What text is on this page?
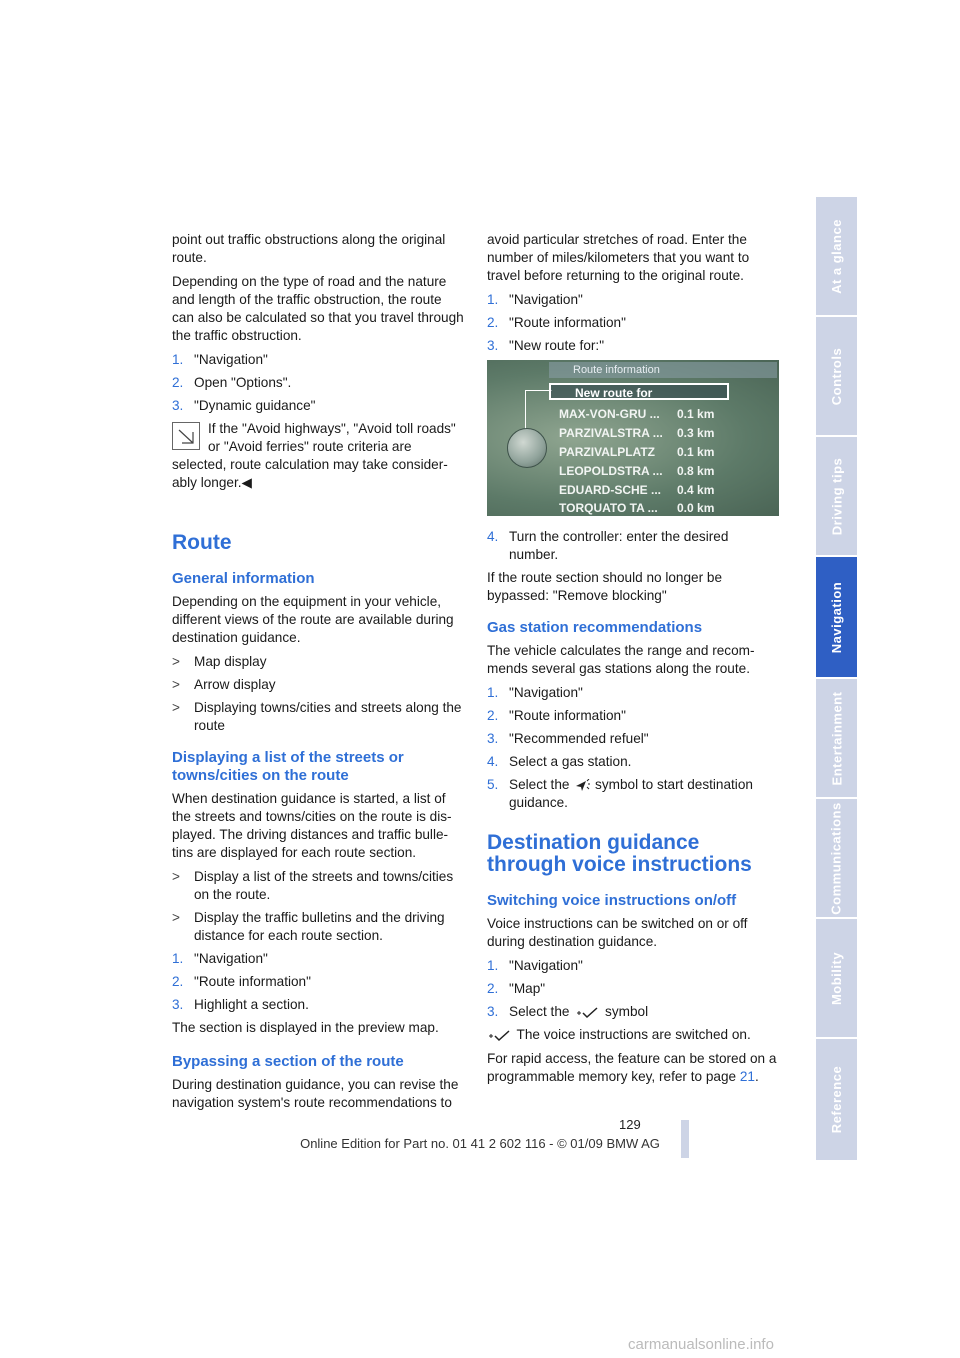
point out traffic obstructions along the original route.

Depending on the type of road and the nature and length of the traffic obstruction, the route can also be calculated so that you travel through the traffic obstruction.

1. "Navigation"
2. Open "Options".
3. "Dynamic guidance"

If the "Avoid highways", "Avoid toll roads" or "Avoid ferries" route criteria are selected, route calculation may take consider-ably longer.◀

Route
General information

Depending on the equipment in your vehicle, different views of the route are available during destination guidance.

>	Map display
>	Arrow display
>	Displaying towns/cities and streets along the route
Displaying a list of the streets or towns/cities on the route

When destination guidance is started, a list of the streets and towns/cities on the route is dis-played. The driving distances and traffic bulle-tins are displayed for each route section.

>	Display a list of the streets and towns/cities on the route.
>	Display the traffic bulletins and the driving distance for each route section.
1. "Navigation"
2. "Route information"
3. Highlight a section.

The section is displayed in the preview map.

Bypassing a section of the route

During destination guidance, you can revise the navigation system's route recommendations to

avoid particular stretches of road. Enter the number of miles/kilometers that you want to travel before returning to the original route.

1. "Navigation"
2. "Route information"
3. "New route for:"
Route information
New route for
MAX-VON-GRU ...	0.1 km
PARZIVALSTRA ...	0.3 km
PARZIVALPLATZ	0.1 km
LEOPOLDSTRA ...	0.8 km
EDUARD-SCHE ...	0.4 km
TORQUATO TA ...	0.0 km
4. Turn the controller: enter the desired number.

If the route section should no longer be bypassed: "Remove blocking"

Gas station recommendations

The vehicle calculates the range and recom-mends several gas stations along the route.

1. "Navigation"
2. "Route information"
3. "Recommended refuel"
4. Select a gas station.
5. Select the symbol to start destination guidance.
Destination guidance through voice instructions
Switching voice instructions on/off

Voice instructions can be switched on or off during destination guidance.

1. "Navigation"
2. "Map"
3. Select the	symbol

The voice instructions are switched on.

For rapid access, the feature can be stored on a programmable memory key, refer to page 21.

At a glance
Controls
Driving tips
Navigation
Entertainment
Communications
Mobility
Reference
129
Online Edition for Part no. 01 41 2 602 116 - © 01/09 BMW AG
carmanualsonline.info
